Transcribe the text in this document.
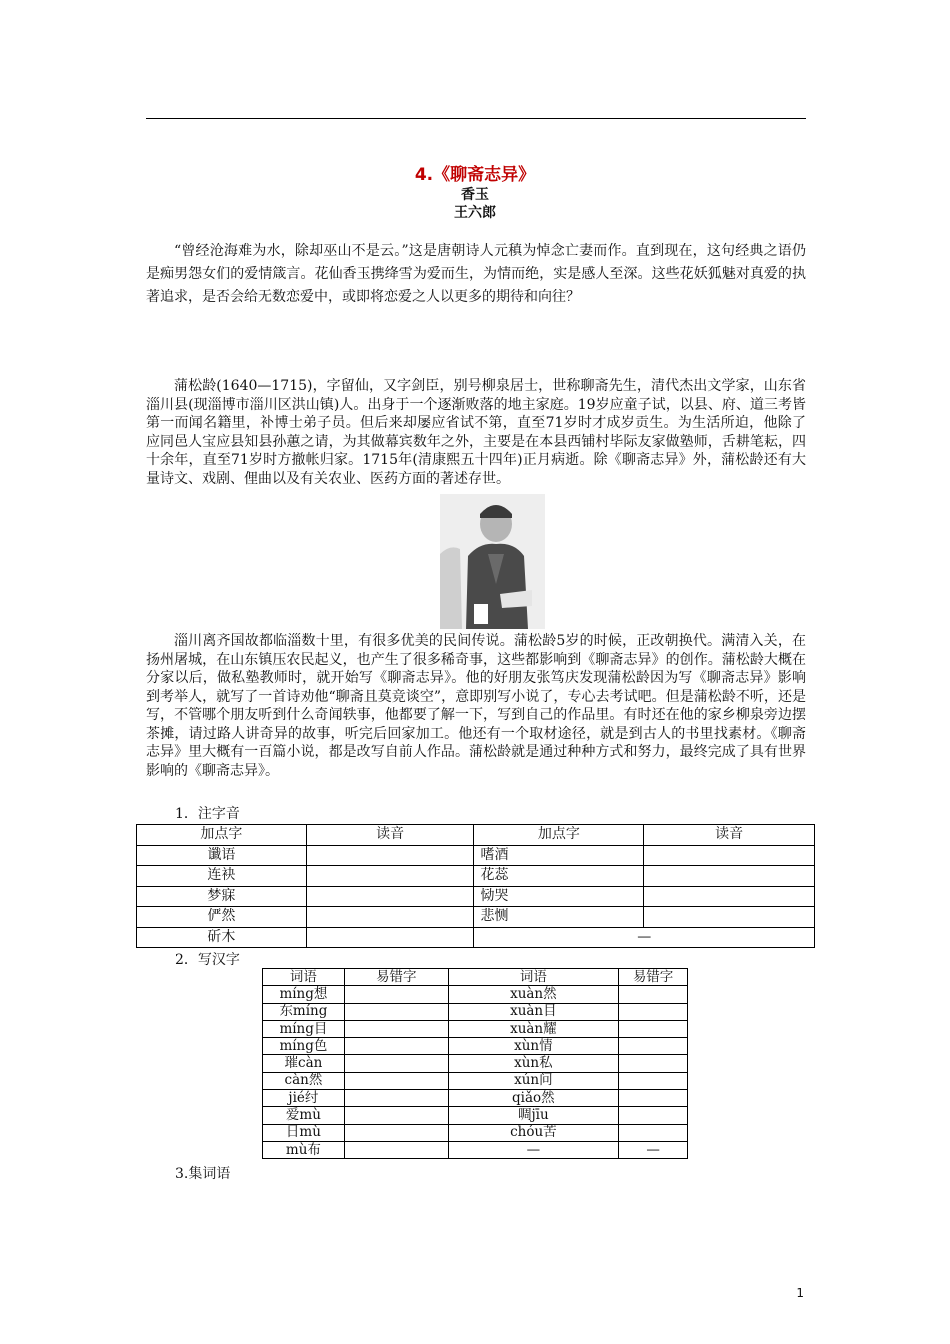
4.《聊斋志异》
香玉
王六郎

“曾经沧海难为水，除却巫山不是云。”这是唐朝诗人元稹为悼念亡妻而作。直到现在，这句经典之语仍是痴男怨女们的爱情箴言。花仙香玉携绛雪为爱而生，为情而绝，实是感人至深。这些花妖狐魅对真爱的执著追求，是否会给无数恋爱中，或即将恋爱之人以更多的期待和向往？

蒲松龄(1640—1715)，字留仙，又字剑臣，别号柳泉居士，世称聊斋先生，清代杰出文学家，山东省淄川县(现淄博市淄川区洪山镇)人。出身于一个逐渐败落的地主家庭。19岁应童子试，以县、府、道三考皆第一而闻名籍里，补博士弟子员。但后来却屡应省试不第，直至71岁时才成岁贡生。为生活所迫，他除了应同邑人宝应县知县孙蕙之请，为其做幕宾数年之外，主要是在本县西铺村毕际友家做塾师，舌耕笔耘，四十余年，直至71岁时方撤帐归家。1715年(清康熙五十四年)正月病逝。除《聊斋志异》外，蒲松龄还有大量诗文、戏剧、俚曲以及有关农业、医药方面的著述存世。

淄川离齐国故都临淄数十里，有很多优美的民间传说。蒲松龄5岁的时候，正改朝换代。满清入关，在扬州屠城，在山东镇压农民起义，也产生了很多稀奇事，这些都影响到《聊斋志异》的创作。蒲松龄大概在分家以后，做私塾教师时，就开始写《聊斋志异》。他的好朋友张笃庆发现蒲松龄因为写《聊斋志异》影响到考举人，就写了一首诗劝他“聊斋且莫竞谈空”，意即别写小说了，专心去考试吧。但是蒲松龄不听，还是写，不管哪个朋友听到什么奇闻轶事，他都要了解一下，写到自己的作品里。有时还在他的家乡柳泉旁边摆茶摊，请过路人讲奇异的故事，听完后回家加工。他还有一个取材途径，就是到古人的书里找素材。《聊斋志异》里大概有一百篇小说，都是改写自前人作品。蒲松龄就是通过种种方式和努力，最终完成了具有世界影响的《聊斋志异》。

1．注字音
加点字	读音	加点字	读音
谶语		嗜酒	
连袂		花蕊	
梦寐		恸哭	
俨然		悲恻	
斫木		—	
2．写汉字
词语	易错字	词语	易错字
míng想		xuàn然	
东míng		xuàn目	
míng目		xuàn耀	
míng色		xùn情	
璀càn		xùn私	
càn然		xún问	
jié纣		qiǎo然	
爱mù		啁jīu	
日mù		chóu苦	
mù布		—	—
3.集词语
1
